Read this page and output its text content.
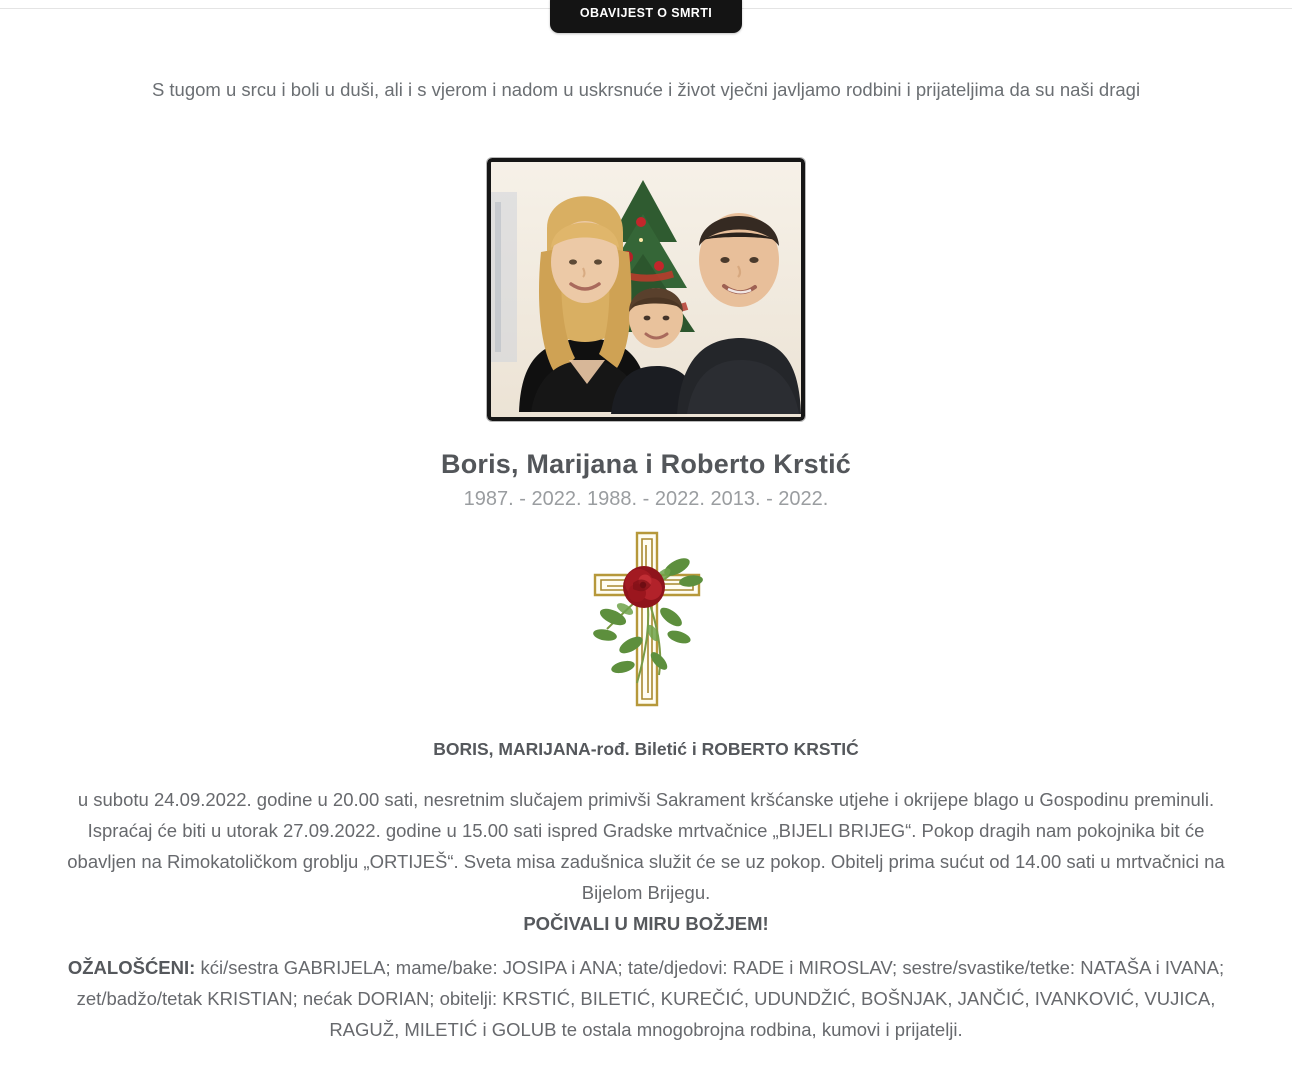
OBAVIJEST O SMRTI
S tugom u srcu i boli u duši, ali i s vjerom i nadom u uskrsnuće i život vječni javljamo rodbini i prijateljima da su naši dragi
Boris, Marijana i Roberto Krstić
1987. - 2022. 1988. - 2022. 2013. - 2022.
BORIS, MARIJANA-rođ. Biletić i ROBERTO KRSTIĆ
u subotu 24.09.2022. godine u 20.00 sati, nesretnim slučajem primivši Sakrament kršćanske utjehe i okrijepe blago u Gospodinu preminuli. Ispraćaj će biti u utorak 27.09.2022. godine u 15.00 sati ispred Gradske mrtvačnice „BIJELI BRIJEG“. Pokop dragih nam pokojnika bit će obavljen na Rimokatoličkom groblju „ORTIJEŠ“. Sveta misa zadušnica služit će se uz pokop. Obitelj prima sućut od 14.00 sati u mrtvačnici na Bijelom Brijegu.
POČIVALI U MIRU BOŽJEM!
OŽALOŠĆENI: kći/sestra GABRIJELA; mame/bake: JOSIPA i ANA; tate/djedovi: RADE i MIROSLAV; sestre/svastike/tetke: NATAŠA i IVANA; zet/badžo/tetak KRISTIAN; nećak DORIAN; obitelji: KRSTIĆ, BILETIĆ, KUREČIĆ, UDUNDŽIĆ, BOŠNJAK, JANČIĆ, IVANKOVIĆ, VUJICA, RAGUŽ, MILETIĆ i GOLUB te ostala mnogobrojna rodbina, kumovi i prijatelji.
